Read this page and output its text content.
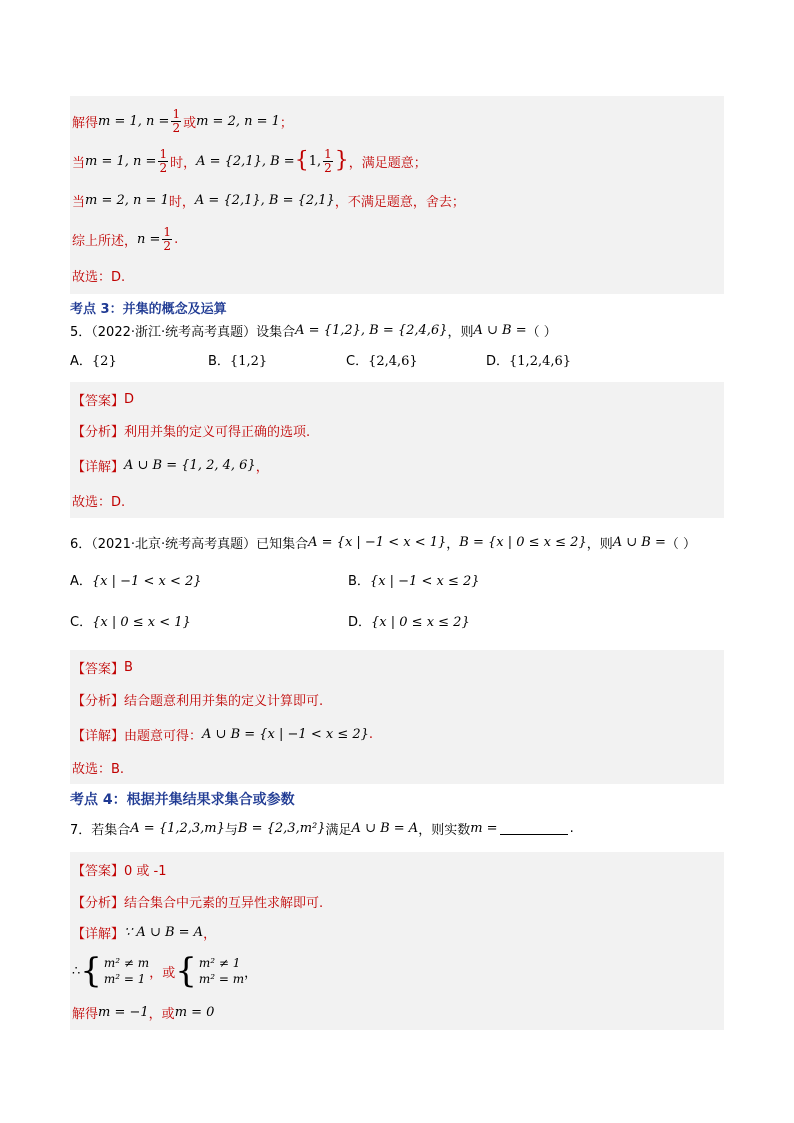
解得 m = 1, $n = \frac{1}{2}$ 或 m = 2, n = 1 ；
当 m = 1, $n = \frac{1}{2}$ 时， A = {2,1}, B = { 1, $\frac{1}{2}$ } ，满足题意；
当 m = 2, n = 1 时， A = {2,1}, B = {2,1} ，不满足题意，舍去；
综上所述， $n = \frac{1}{2}$ .
故选：D.
考点 3：并集的概念及运算
5．（2022·浙江·统考高考真题）设集合 A = {1,2}, B = {2,4,6} ，则 A ∪ B = （ ）
A．{2}	B．{1,2}	C．{2,4,6}	D．{1,2,4,6}
【答案】 D
【分析】 利用并集的定义可得正确的选项.
【详解】 A ∪ B = {1, 2, 4, 6} ，
故选：D.
6．（2021·北京·统考高考真题）已知集合 A = {x | −1 < x < 1} ， B = {x | 0 ≤ x ≤ 2} ，则 A ∪ B = （ ）
A．{x | −1 < x < 2}	B．{x | −1 < x ≤ 2}
C．{x | 0 ≤ x < 1}	D．{x | 0 ≤ x ≤ 2}
【答案】 B
【分析】 结合题意利用并集的定义计算即可.
【详解】 由题意可得： A ∪ B = {x | −1 < x ≤ 2} .
故选：B.
考点 4：根据并集结果求集合或参数
7．若集合 A = {1,2,3,m} 与 B = {2,3,m²} 满足 A ∪ B = A ，则实数 m =	.
【答案】 0 或 -1
【分析】 结合集合中元素的互异性求解即可.
【详解】 ∵ A ∪ B = A ，
∴ { m² ≠ m
m² = 1 ，或 { m² ≠ 1
m² = m ，
解得 m = −1 ，或 m = 0
